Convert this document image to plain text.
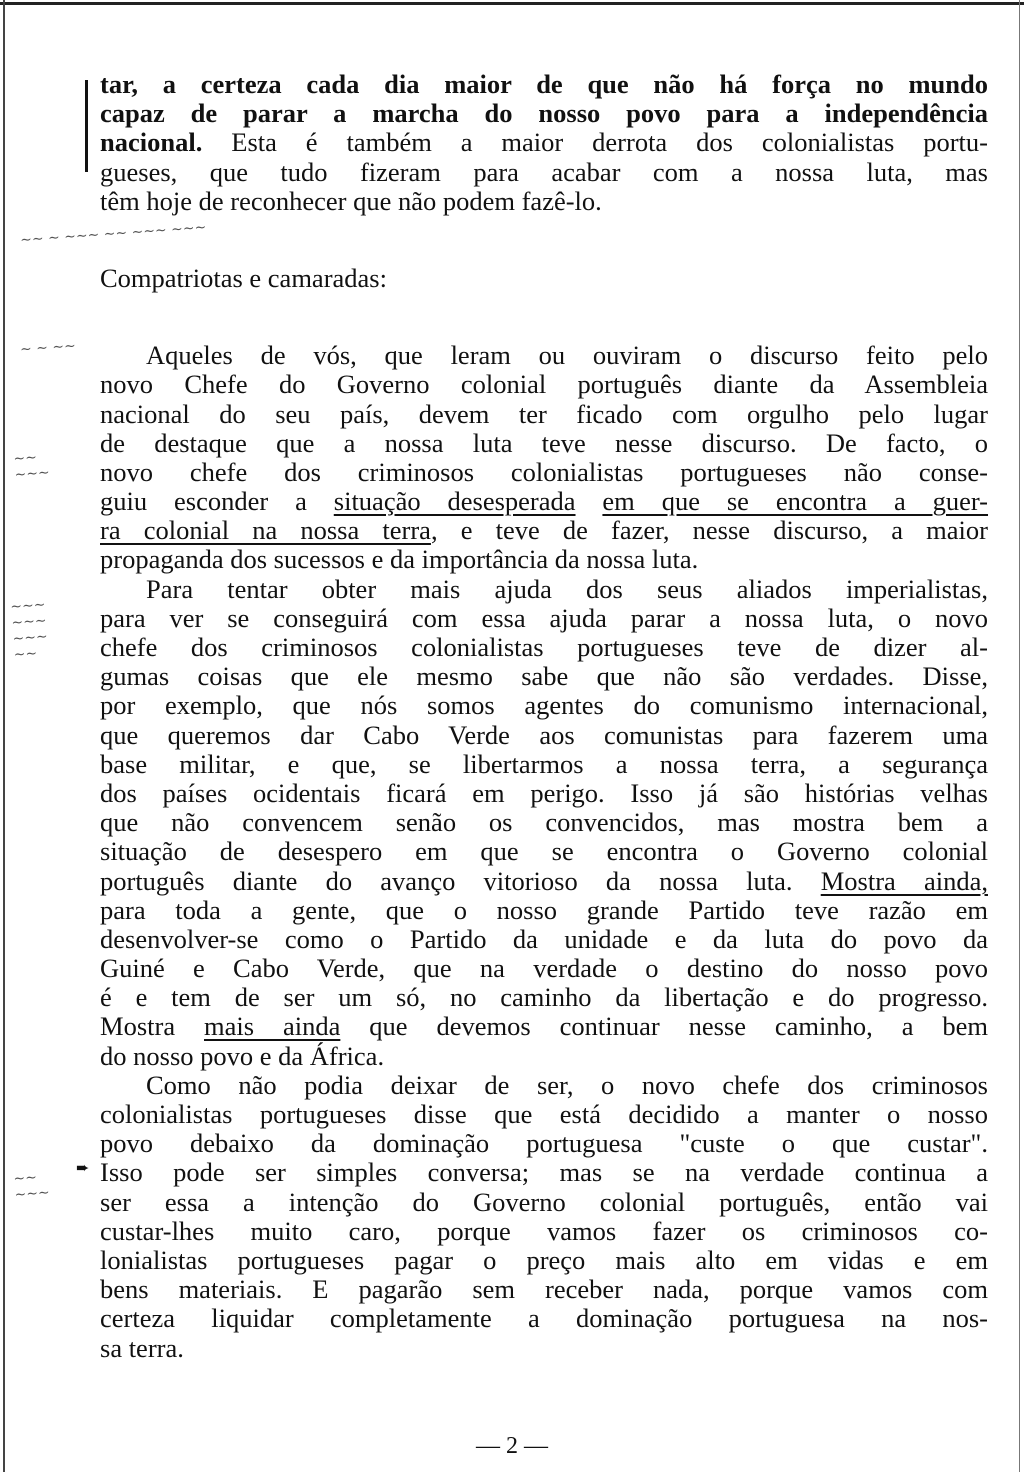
➨
~~ ~ ~~~ ~~ ~~~ ~~~
~ ~ ~~
~~
~~~
~~~
~~~
~~~
~~
~~
~~~
tar, a certeza cada dia maior de que não há força no mundo
capaz de parar a marcha do nosso povo para a independência
nacional. Esta é também a maior derrota dos colonialistas portu-
gueses, que tudo fizeram para acabar com a nossa luta, mas
têm hoje de reconhecer que não podem fazê-lo.
Compatriotas e camaradas:
Aqueles de vós, que leram ou ouviram o discurso feito pelo
novo Chefe do Governo colonial português diante da Assembleia
nacional do seu país, devem ter ficado com orgulho pelo lugar
de destaque que a nossa luta teve nesse discurso. De facto, o
novo chefe dos criminosos colonialistas portugueses não conse-
guiu esconder a situação desesperada em que se encontra a guer-
ra colonial na nossa terra, e teve de fazer, nesse discurso, a maior
propaganda dos sucessos e da importância da nossa luta.
Para tentar obter mais ajuda dos seus aliados imperialistas,
para ver se conseguirá com essa ajuda parar a nossa luta, o novo
chefe dos criminosos colonialistas portugueses teve de dizer al-
gumas coisas que ele mesmo sabe que não são verdades. Disse,
por exemplo, que nós somos agentes do comunismo internacional,
que queremos dar Cabo Verde aos comunistas para fazerem uma
base militar, e que, se libertarmos a nossa terra, a segurança
dos países ocidentais ficará em perigo. Isso já são histórias velhas
que não convencem senão os convencidos, mas mostra bem a
situação de desespero em que se encontra o Governo colonial
português diante do avanço vitorioso da nossa luta. Mostra ainda,
para toda a gente, que o nosso grande Partido teve razão em
desenvolver-se como o Partido da unidade e da luta do povo da
Guiné e Cabo Verde, que na verdade o destino do nosso povo
é e tem de ser um só, no caminho da libertação e do progresso.
Mostra mais ainda que devemos continuar nesse caminho, a bem
do nosso povo e da África.
Como não podia deixar de ser, o novo chefe dos criminosos
colonialistas portugueses disse que está decidido a manter o nosso
povo debaixo da dominação portuguesa "custe o que custar".
Isso pode ser simples conversa; mas se na verdade continua a
ser essa a intenção do Governo colonial português, então vai
custar-lhes muito caro, porque vamos fazer os criminosos co-
lonialistas portugueses pagar o preço mais alto em vidas e em
bens materiais. E pagarão sem receber nada, porque vamos com
certeza liquidar completamente a dominação portuguesa na nos-
sa terra.
— 2 —
